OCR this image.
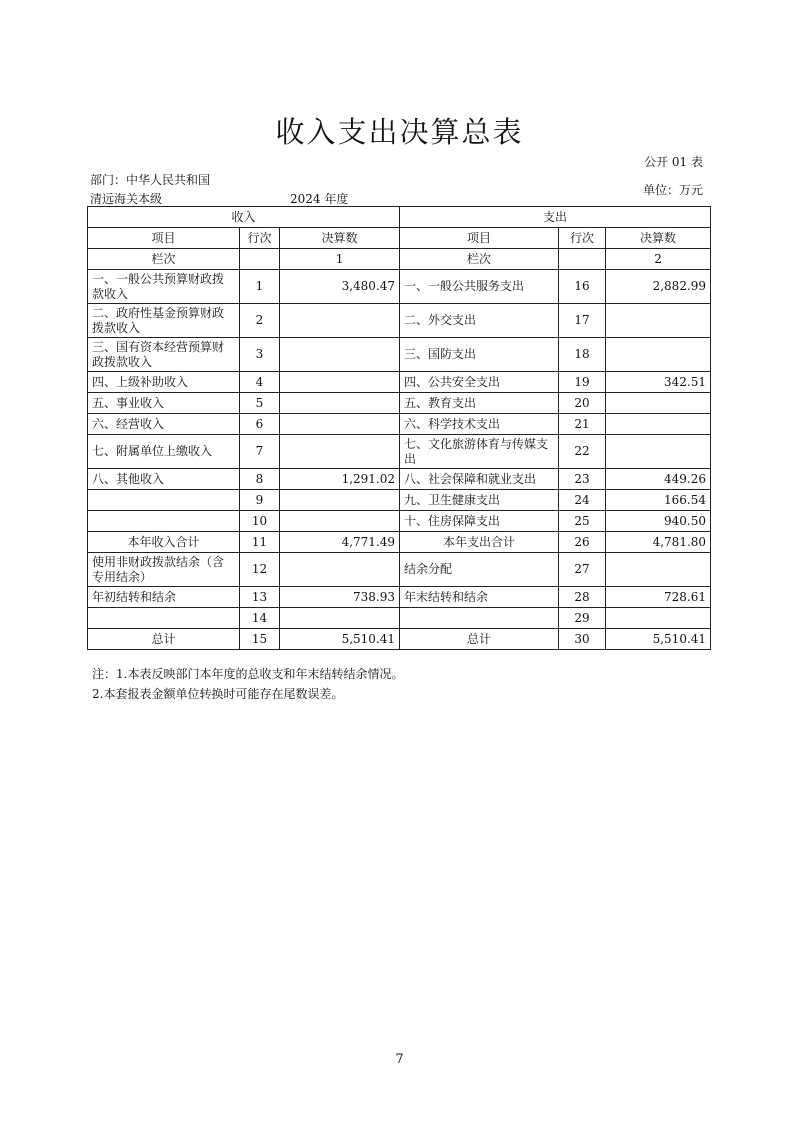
收入支出决算总表
公开 01 表
部门：中华人民共和国
清远海关本级	2024 年度
单位：万元
收入			支出		
项目	行次	决算数	项目	行次	决算数
栏次		1	栏次		2
一、一般公共预算财政拨款收入	1	3,480.47	一、一般公共服务支出	16	2,882.99
二、政府性基金预算财政拨款收入	2		二、外交支出	17	
三、国有资本经营预算财政拨款收入	3		三、国防支出	18	
四、上级补助收入	4		四、公共安全支出	19	342.51
五、事业收入	5		五、教育支出	20	
六、经营收入	6		六、科学技术支出	21	
七、附属单位上缴收入	7		七、文化旅游体育与传媒支出	22	
八、其他收入	8	1,291.02	八、社会保障和就业支出	23	449.26
	9		九、卫生健康支出	24	166.54
	10		十、住房保障支出	25	940.50
本年收入合计	11	4,771.49	本年支出合计	26	4,781.80
使用非财政拨款结余（含专用结余）	12		结余分配	27	
年初结转和结余	13	738.93	年末结转和结余	28	728.61
	14			29	
总计	15	5,510.41	总计	30	5,510.41
注：1.本表反映部门本年度的总收支和年末结转结余情况。
2.本套报表金额单位转换时可能存在尾数误差。
7
